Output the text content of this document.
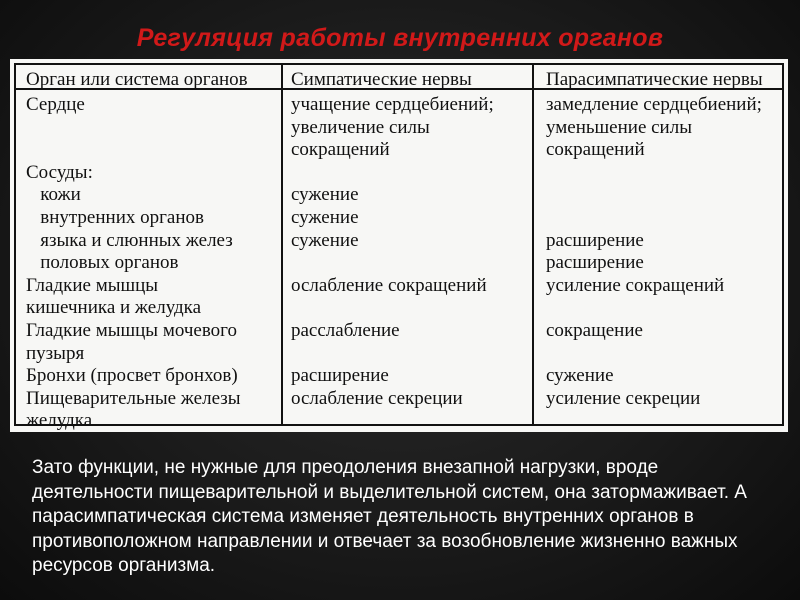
Регуляция работы внутренних органов
Орган или система органов Симпатические нервы	Парасимпатические нервы
Сердце

Сосуды:
кожи
внутренних органов
языка и слюнных желез
половых органов
Гладкие мышцы
кишечника и желудка
Гладкие мышцы мочевого
пузыря
Бронхи (просвет бронхов)
Пищеварительные железы
желудка
учащение сердцебиений;
увеличение силы
сокращений

сужение
сужение
сужение

ослабление сокращений

расслабление

расширение
ослабление секреции
замедление сердцебиений;
уменьшение силы
сокращений

расширение
расширение
усиление сокращений

сокращение

сужение
усиление секреции

Зато функции, не нужные для преодоления внезапной нагрузки, вроде деятельности пищеварительной и выделительной систем, она затормаживает. А парасимпатическая система изменяет деятельность внутренних органов в противоположном направлении и отвечает за возобновление жизненно важных ресурсов организма.
